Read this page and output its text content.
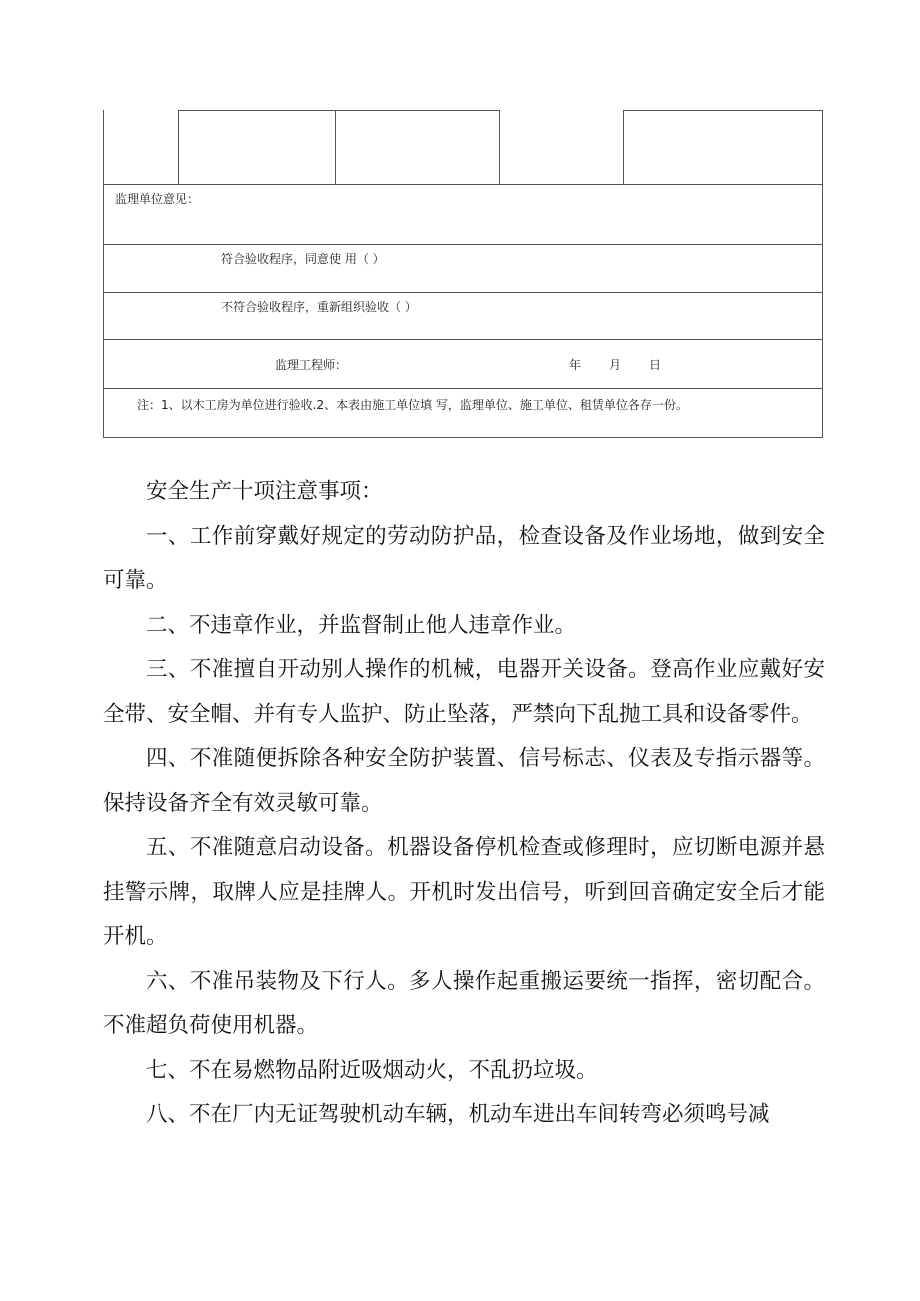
监理单位意见：
符合验收程序，同意使 用（ ）
不符合验收程序，重新组织验收（ ）
监理工程师：	年 月 日
注：1、以木工房为单位进行验收.2、本表由施工单位填 写，监理单位、施工单位、租赁单位各存一份。

安全生产十项注意事项：

一、工作前穿戴好规定的劳动防护品，检查设备及作业场地，做到安全可靠。

二、不违章作业，并监督制止他人违章作业。

三、不准擅自开动别人操作的机械，电器开关设备。登高作业应戴好安全带、安全帽、并有专人监护、防止坠落，严禁向下乱抛工具和设备零件。

四、不准随便拆除各种安全防护装置、信号标志、仪表及专指示器等。保持设备齐全有效灵敏可靠。

五、不准随意启动设备。机器设备停机检查或修理时，应切断电源并悬挂警示牌，取牌人应是挂牌人。开机时发出信号，听到回音确定安全后才能开机。

六、不准吊装物及下行人。多人操作起重搬运要统一指挥，密切配合。不准超负荷使用机器。

七、不在易燃物品附近吸烟动火，不乱扔垃圾。

八、不在厂内无证驾驶机动车辆，机动车进出车间转弯必须鸣号减
